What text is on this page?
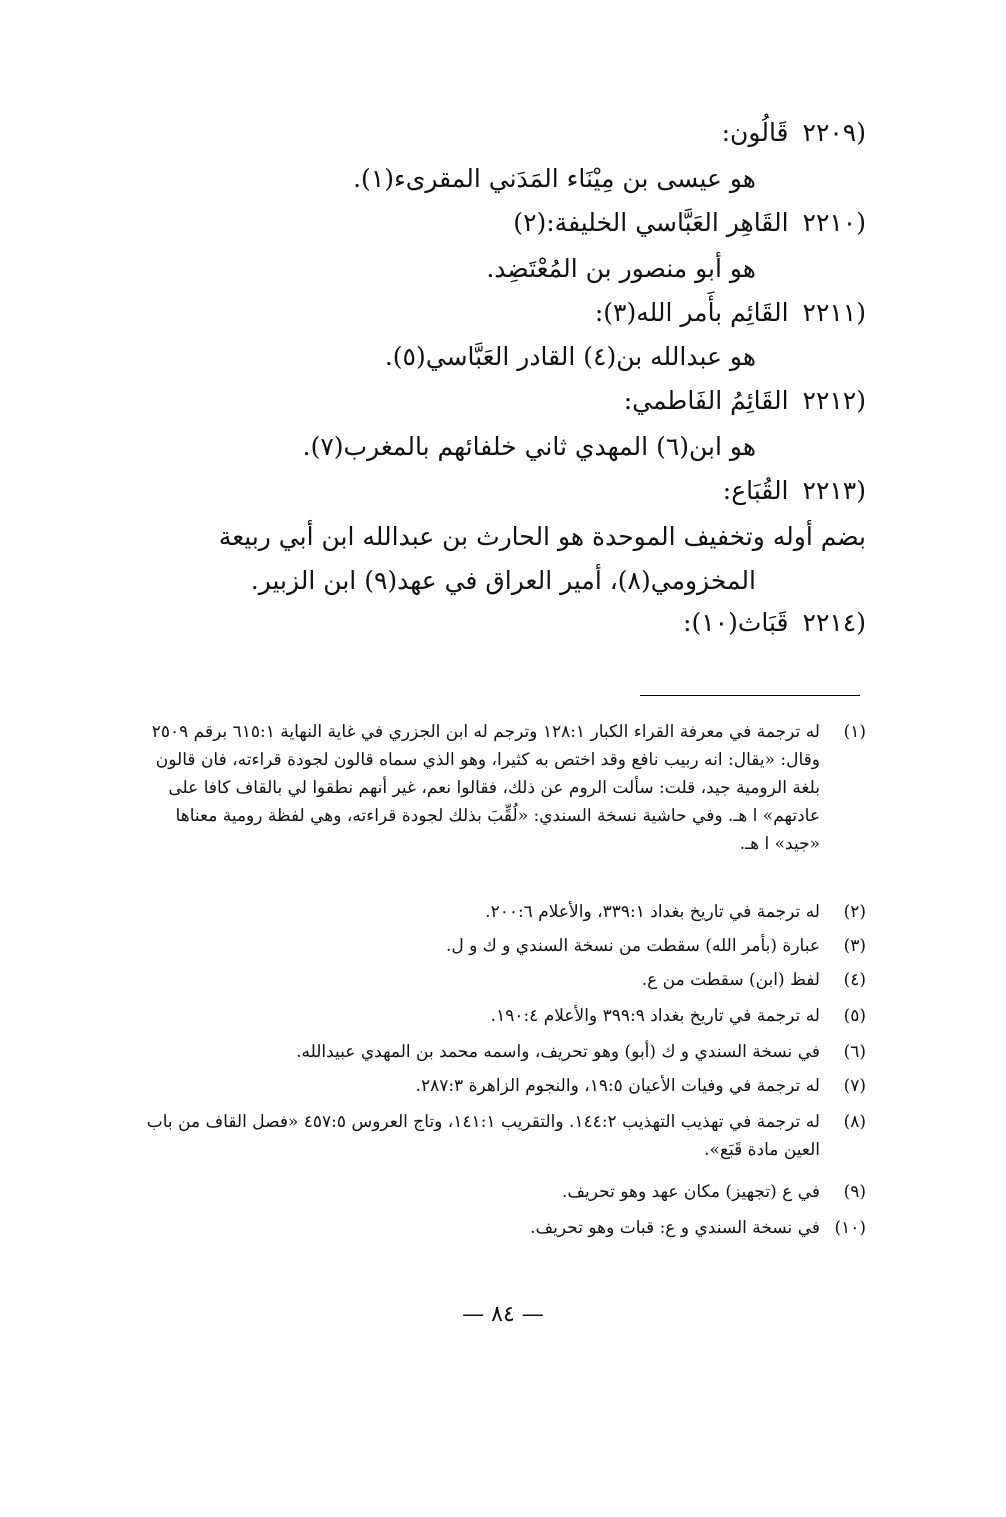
(٢٢٠٩قَالُون:
هو عيسى بن مِيْنَاء المَدَني المقرىء(١).
(٢٢١٠القَاهِر العَبَّاسي الخليفة:(٢)
هو أبو منصور بن المُعْتَضِد.
(٢٢١١القَائِم بأَمر الله(٣):
هو عبدالله بن(٤) القادر العَبَّاسي(٥).
(٢٢١٢القَائِمُ الفَاطمي:
هو ابن(٦) المهدي ثاني خلفائهم بالمغرب(٧).
(٢٢١٣القُبَاع:
بضم أوله وتخفيف الموحدة هو الحارث بن عبدالله ابن أبي ربيعة
المخزومي(٨)، أمير العراق في عهد(٩) ابن الزبير.
(٢٢١٤قَبَاث(١٠):
(١)
له ترجمة في معرفة القراء الكبار ١٢٨:١ وترجم له ابن الجزري في غاية النهاية ٦١٥:١ برقم ٢٥٠٩ وقال: «يقال: انه ربيب نافع وقد اختص به كثيرا، وهو الذي سماه قالون لجودة قراءته، فان قالون بلغة الرومية جيد، قلت: سألت الروم عن ذلك، فقالوا نعم، غير أنهم نطقوا لي بالقاف كافا على عادتهم» ا هـ. وفي حاشية نسخة السندي: «لُقِّبَ بذلك لجودة قراءته، وهي لفظة رومية معناها «جيد» ا هـ.
(٢)
له ترجمة في تاريخ بغداد ٣٣٩:١، والأعلام ٢٠٠:٦.
(٣)
عبارة (بأمر الله) سقطت من نسخة السندي و ك و ل.
(٤)
لفظ (ابن) سقطت من ع.
(٥)
له ترجمة في تاريخ بغداد ٣٩٩:٩ والأعلام ١٩٠:٤.
(٦)
في نسخة السندي و ك (أبو) وهو تحريف، واسمه محمد بن المهدي عبيدالله.
(٧)
له ترجمة في وفيات الأعيان ١٩:٥، والنجوم الزاهرة ٢٨٧:٣.
(٨)
له ترجمة في تهذيب التهذيب ١٤٤:٢. والتقريب ١٤١:١، وتاج العروس ٤٥٧:٥ «فصل القاف من باب العين مادة قَبَع».
(٩)
في ع (تجهيز) مكان عهد وهو تحريف.
(١٠)
في نسخة السندي و ع: قبات وهو تحريف.
— ٨٤ —
